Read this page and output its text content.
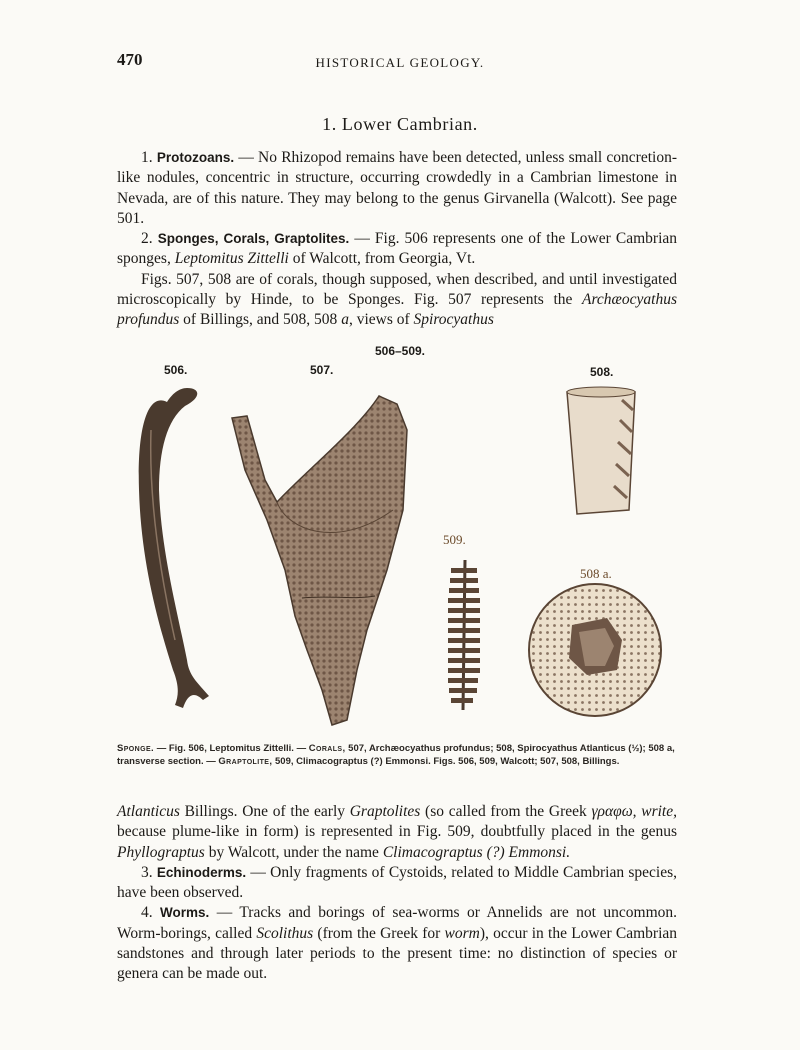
470	HISTORICAL GEOLOGY.
1. Lower Cambrian.

1. Protozoans. — No Rhizopod remains have been detected, unless small concretion-like nodules, concentric in structure, occurring crowdedly in a Cambrian limestone in Nevada, are of this nature. They may belong to the genus Girvanella (Walcott). See page 501.

2. Sponges, Corals, Graptolites. — Fig. 506 represents one of the Lower Cambrian sponges, Leptomitus Zittelli of Walcott, from Georgia, Vt.

Figs. 507, 508 are of corals, though supposed, when described, and until investigated microscopically by Hinde, to be Sponges. Fig. 507 represents the Archæocyathus profundus of Billings, and 508, 508 a, views of Spirocyathus

506–509.
506.	507.	508.
509.
508 a.

Sponge. — Fig. 506, Leptomitus Zittelli. — Corals, 507, Archæocyathus profundus; 508, Spirocyathus Atlanticus (½); 508 a, transverse section. — Graptolite, 509, Climacograptus (?) Emmonsi. Figs. 506, 509, Walcott; 507, 508, Billings.

Atlanticus Billings. One of the early Graptolites (so called from the Greek γραφω, write, because plume-like in form) is represented in Fig. 509, doubtfully placed in the genus Phyllograptus by Walcott, under the name Climacograptus (?) Emmonsi.

3. Echinoderms. — Only fragments of Cystoids, related to Middle Cambrian species, have been observed.

4. Worms. — Tracks and borings of sea-worms or Annelids are not uncommon. Worm-borings, called Scolithus (from the Greek for worm), occur in the Lower Cambrian sandstones and through later periods to the present time: no distinction of species or genera can be made out.
